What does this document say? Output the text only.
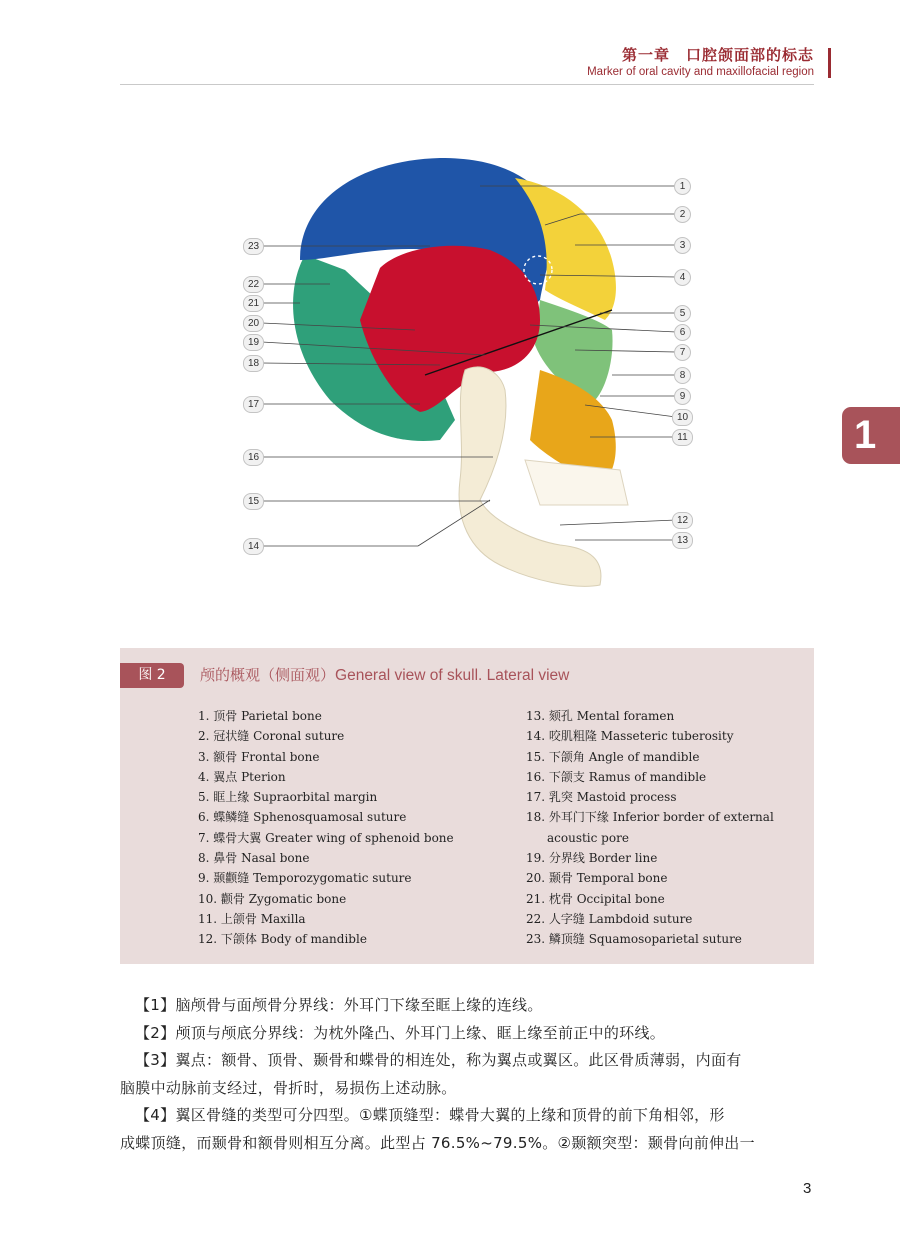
第一章　口腔颌面部的标志
Marker of oral cavity and maxillofacial region
1
1
2
3
4
5
6
7
8
9
10
11
12
13
14
15
16
17
18
19
20
21
22
23
图 2	颅的概观（侧面观）General view of skull. Lateral view
1. 顶骨 Parietal bone
2. 冠状缝 Coronal suture
3. 额骨 Frontal bone
4. 翼点 Pterion
5. 眶上缘 Supraorbital margin
6. 蝶鳞缝 Sphenosquamosal suture
7. 蝶骨大翼 Greater wing of sphenoid bone
8. 鼻骨 Nasal bone
9. 颞颧缝 Temporozygomatic suture
10. 颧骨 Zygomatic bone
11. 上颌骨 Maxilla
12. 下颌体 Body of mandible
13. 颏孔 Mental foramen
14. 咬肌粗隆 Masseteric tuberosity
15. 下颌角 Angle of mandible
16. 下颌支 Ramus of mandible
17. 乳突 Mastoid process
18. 外耳门下缘 Inferior border of external
acoustic pore
19. 分界线 Border line
20. 颞骨 Temporal bone
21. 枕骨 Occipital bone
22. 人字缝 Lambdoid suture
23. 鳞顶缝 Squamosoparietal suture

【1】脑颅骨与面颅骨分界线：外耳门下缘至眶上缘的连线。

【2】颅顶与颅底分界线：为枕外隆凸、外耳门上缘、眶上缘至前正中的环线。

【3】翼点：额骨、顶骨、颞骨和蝶骨的相连处，称为翼点或翼区。此区骨质薄弱，内面有

脑膜中动脉前支经过，骨折时，易损伤上述动脉。

【4】翼区骨缝的类型可分四型。①蝶顶缝型：蝶骨大翼的上缘和顶骨的前下角相邻，形

成蝶顶缝，而颞骨和额骨则相互分离。此型占 76.5%~79.5%。②颞额突型：颞骨向前伸出一

3
